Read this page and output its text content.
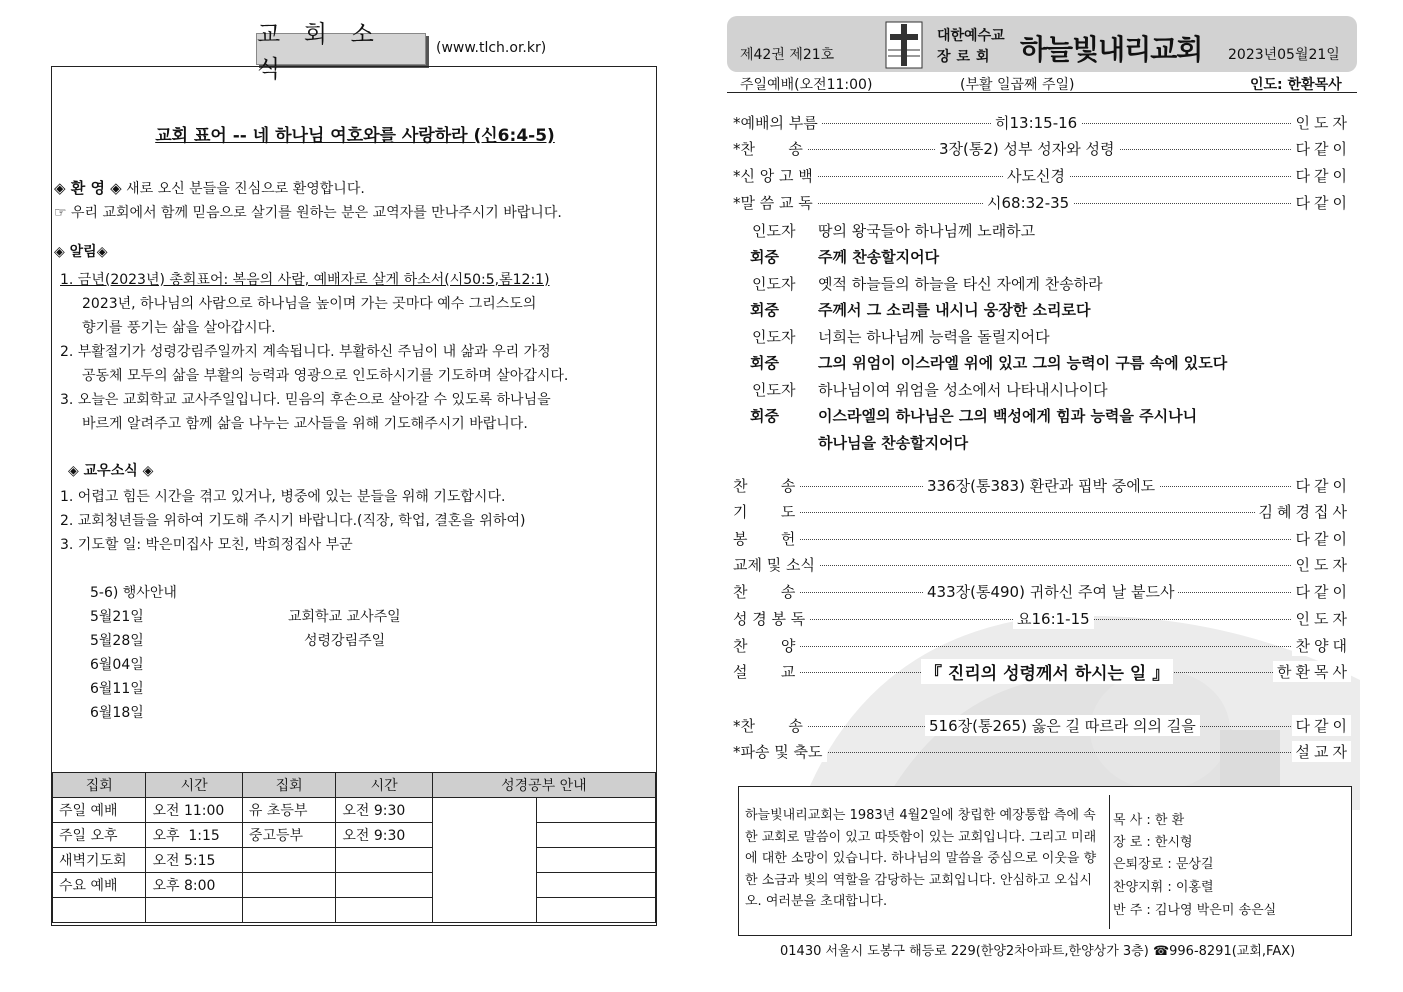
교 회 소 식
(www.tlch.or.kr)
교회 표어 -- 네 하나님 여호와를 사랑하라 (신6:4-5)
◈ 환 영 ◈ 새로 오신 분들을 진심으로 환영합니다.
☞ 우리 교회에서 함께 믿음으로 살기를 원하는 분은 교역자를 만나주시기 바랍니다.
◈ 알림◈
1. 금년(2023년) 총회표어: 복음의 사람, 예배자로 살게 하소서(시50:5,롬12:1)
2023년, 하나님의 사람으로 하나님을 높이며 가는 곳마다 예수 그리스도의
향기를 풍기는 삶을 살아갑시다.
2. 부활절기가 성령강림주일까지 계속됩니다. 부활하신 주님이 내 삶과 우리 가정
공동체 모두의 삶을 부활의 능력과 영광으로 인도하시기를 기도하며 살아갑시다.
3. 오늘은 교회학교 교사주일입니다. 믿음의 후손으로 살아갈 수 있도록 하나님을
바르게 알려주고 함께 삶을 나누는 교사들을 위해 기도해주시기 바랍니다.
◈ 교우소식 ◈
1. 어렵고 힘든 시간을 겪고 있거나, 병중에 있는 분들을 위해 기도합시다.
2. 교회청년들을 위하여 기도해 주시기 바랍니다.(직장, 학업, 결혼을 위하여)
3. 기도할 일: 박은미집사 모친, 박희정집사 부군
5-6) 행사안내
5월21일	교회학교 교사주일
5월28일	성령강림주일
6월04일
6월11일
6월18일
집회	시간	집회	시간	성경공부 안내	
주일 예배	오전 11:00	유 초등부	오전 9:30		
주일 오후	오후  1:15	중고등부	오전 9:30		
새벽기도회	오전 5:15				
수요 예배	오후 8:00				

제42권 제21호
대한예수교
장로회 하늘빛내리교회 2023년05월21일
주일예배(오전11:00)	(부활 일곱째 주일)	인도: 한환목사
*예배의 부름	히13:15-16	인도자
*찬       송	3장(통2) 성부 성자와 성령	다같이
*신 앙 고 백	사도신경	다같이
*말 씀 교 독	시68:32-35	다같이
찬       송	336장(통383) 환란과 핍박 중에도	다같이
기       도	김혜경집사
봉       헌	다같이
교제 및 소식	인도자
찬       송	433장(통490) 귀하신 주여 날 붙드사	다같이
성 경 봉 독	요16:1-15	인도자
찬       양	찬양대
설       교	『 진리의 성령께서 하시는 일 』	한환목사
*찬       송	516장(통265) 옳은 길 따르라 의의 길을	다같이
*파송 및 축도	설교자
인도자 땅의 왕국들아 하나님께 노래하고
회중	주께 찬송할지어다
인도자 옛적 하늘들의 하늘을 타신 자에게 찬송하라
회중	주께서 그 소리를 내시니 웅장한 소리로다
인도자 너희는 하나님께 능력을 돌릴지어다
회중	그의 위엄이 이스라엘 위에 있고 그의 능력이 구름 속에 있도다
인도자 하나님이여 위엄을 성소에서 나타내시나이다
회중	이스라엘의 하나님은 그의 백성에게 힘과 능력을 주시나니
하나님을 찬송할지어다
하늘빛내리교회는 1983년 4월2일에 창립한 예장통합 측에 속한 교회로 말씀이 있고 따뜻함이 있는 교회입니다. 그리고 미래에 대한 소망이 있습니다. 하나님의 말씀을 중심으로 이웃을 향한 소금과 빛의 역할을 감당하는 교회입니다. 안심하고 오십시오. 여러분을 초대합니다.
목 사 : 한 환
장 로 : 한시형
은퇴장로 : 문상길
찬양지휘 : 이홍렬
반 주 : 김나영 박은미 송은실
01430 서울시 도봉구 해등로 229(한양2차아파트,한양상가 3층) ☎996-8291(교회,FAX)
